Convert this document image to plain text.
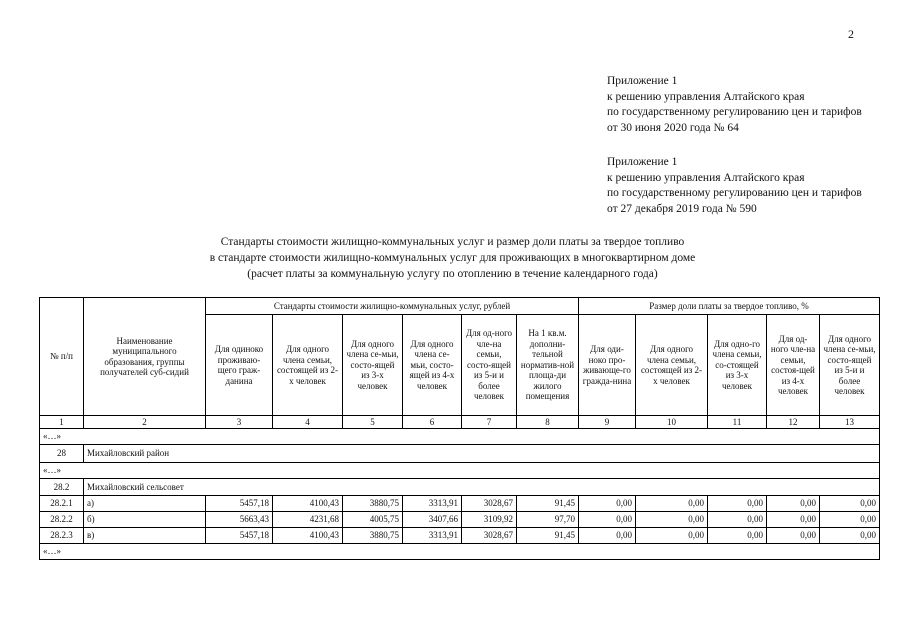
2
Приложение 1
к решению управления Алтайского края
по государственному регулированию цен и тарифов
от 30 июня 2020 года № 64
Приложение 1
к решению управления Алтайского края
по государственному регулированию цен и тарифов
от 27 декабря 2019 года № 590
Стандарты стоимости жилищно-коммунальных услуг и размер доли платы за твердое топливо
в стандарте стоимости жилищно-коммунальных услуг для проживающих в многоквартирном доме
(расчет платы за коммунальную услугу по отоплению в течение календарного года)
№ п/п	Наименование муниципального образования, группы получателей суб-сидий	Стандарты стоимости жилищно-коммунальных услуг, рублей						Размер доли платы за твердое топливо, %				
		Для одиноко проживаю-щего граж-данина	Для одного члена семьи, состоящей из 2-х человек	Для одного члена се-мьи, состо-ящей из 3-х человек	Для одного члена се-мьи, состо-ящей из 4-х человек	Для од-ного чле-на семьи, состо-ящей из 5-и и более человек	На 1 кв.м. дополни-тельной норматив-ной площа-ди жилого помещения	Для оди-ноко про-живающе-го гражда-нина	Для одного члена семьи, состоящей из 2-х человек	Для одно-го члена семьи, со-стоящей из 3-х человек	Для од-ного чле-на семьи, состоя-щей из 4-х человек	Для одного члена се-мьи, состо-ящей из 5-и и более человек
1	2	3	4	5	6	7	8	9	10	11	12	13
«…»												
28	Михайловский район											
«…»												
28.2	Михайловский сельсовет											
28.2.1	а)	5457,18	4100,43	3880,75	3313,91	3028,67	91,45	0,00	0,00	0,00	0,00	0,00
28.2.2	б)	5663,43	4231,68	4005,75	3407,66	3109,92	97,70	0,00	0,00	0,00	0,00	0,00
28.2.3	в)	5457,18	4100,43	3880,75	3313,91	3028,67	91,45	0,00	0,00	0,00	0,00	0,00
«…»												
